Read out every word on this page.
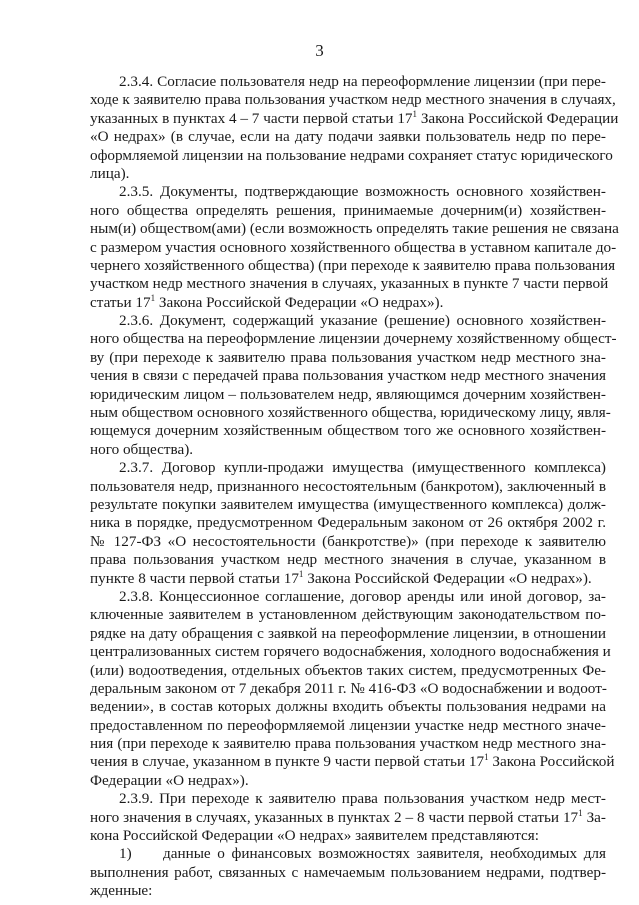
3
2.3.4. Согласие пользователя недр на переоформление лицензии (при пере-
ходе к заявителю права пользования участком недр местного значения в случаях,
указанных в пунктах 4 – 7 части первой статьи $17^1$ Закона Российской Федерации
«О недрах» (в случае, если на дату подачи заявки пользователь недр по пере-
оформляемой лицензии на пользование недрами сохраняет статус юридического
лица).
2.3.5. Документы, подтверждающие возможность основного хозяйствен-
ного общества определять решения, принимаемые дочерним(и) хозяйствен-
ным(и) обществом(ами) (если возможность определять такие решения не связана
с размером участия основного хозяйственного общества в уставном капитале до-
чернего хозяйственного общества) (при переходе к заявителю права пользования
участком недр местного значения в случаях, указанных в пункте 7 части первой
статьи $17^1$ Закона Российской Федерации «О недрах»).
2.3.6. Документ, содержащий указание (решение) основного хозяйствен-
ного общества на переоформление лицензии дочернему хозяйственному общест-
ву (при переходе к заявителю права пользования участком недр местного зна-
чения в связи с передачей права пользования участком недр местного значения
юридическим лицом – пользователем недр, являющимся дочерним хозяйствен-
ным обществом основного хозяйственного общества, юридическому лицу, явля-
ющемуся дочерним хозяйственным обществом того же основного хозяйствен-
ного общества).
2.3.7. Договор купли-продажи имущества (имущественного комплекса)
пользователя недр, признанного несостоятельным (банкротом), заключенный в
результате покупки заявителем имущества (имущественного комплекса) долж-
ника в порядке, предусмотренном Федеральным законом от 26 октября 2002 г.
№ 127-ФЗ «О несостоятельности (банкротстве)» (при переходе к заявителю
права пользования участком недр местного значения в случае, указанном в
пункте 8 части первой статьи $17^1$ Закона Российской Федерации «О недрах»).
2.3.8. Концессионное соглашение, договор аренды или иной договор, за-
ключенные заявителем в установленном действующим законодательством по-
рядке на дату обращения с заявкой на переоформление лицензии, в отношении
централизованных систем горячего водоснабжения, холодного водоснабжения и
(или) водоотведения, отдельных объектов таких систем, предусмотренных Фе-
деральным законом от 7 декабря 2011 г. № 416-ФЗ «О водоснабжении и водоот-
ведении», в состав которых должны входить объекты пользования недрами на
предоставленном по переоформляемой лицензии участке недр местного значе-
ния (при переходе к заявителю права пользования участком недр местного зна-
чения в случае, указанном в пункте 9 части первой статьи $17^1$ Закона Российской
Федерации «О недрах»).
2.3.9. При переходе к заявителю права пользования участком недр мест-
ного значения в случаях, указанных в пунктах 2 – 8 части первой статьи $17^1$ За-
кона Российской Федерации «О недрах» заявителем представляются:
1) данные о финансовых возможностях заявителя, необходимых для
выполнения работ, связанных с намечаемым пользованием недрами, подтвер-
жденные:
